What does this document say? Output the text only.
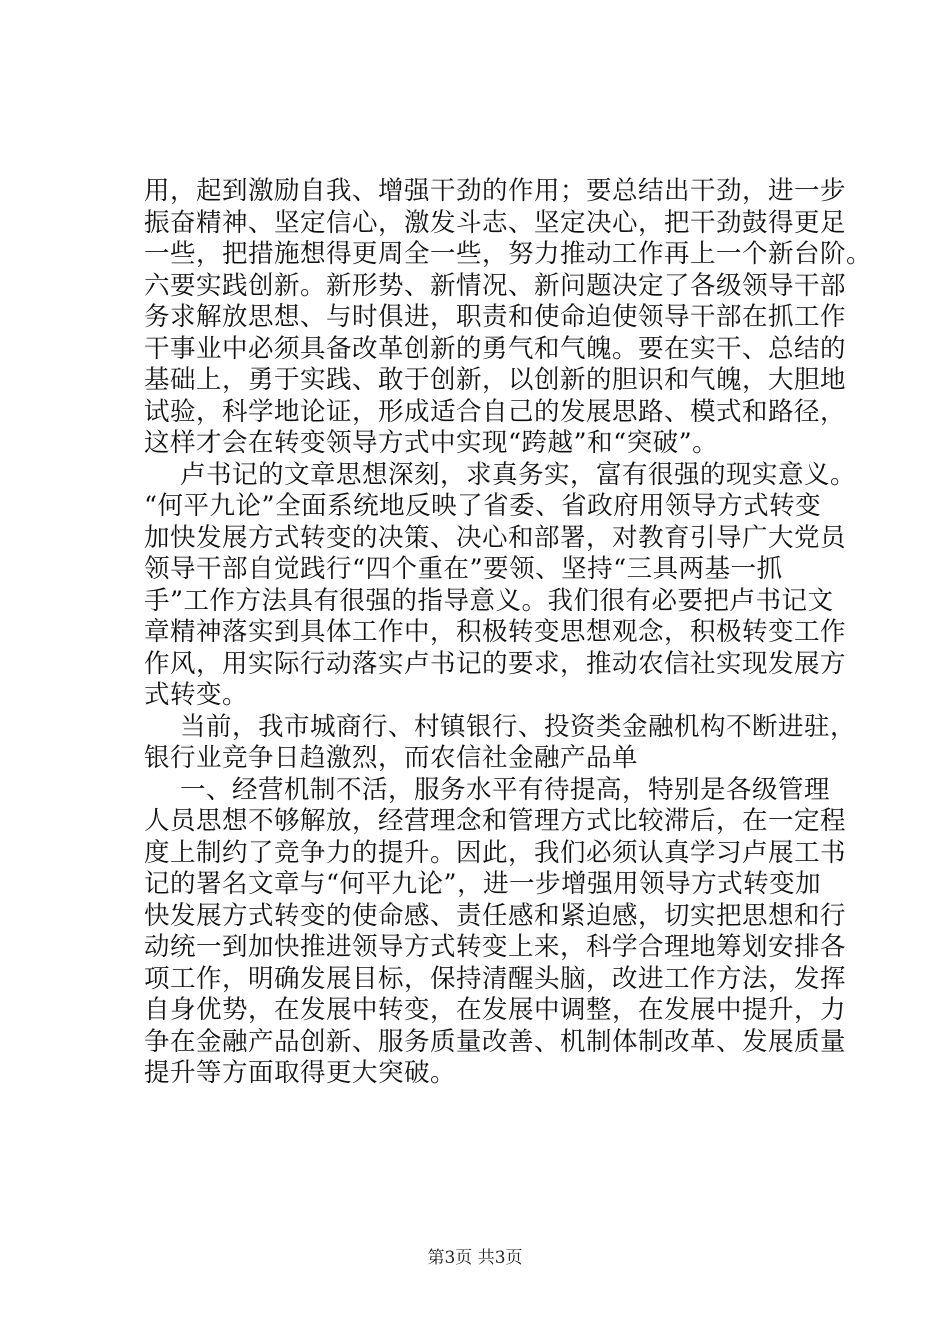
用，起到激励自我、增强干劲的作用；要总结出干劲，进一步
振奋精神、坚定信心，激发斗志、坚定决心，把干劲鼓得更足
一些，把措施想得更周全一些，努力推动工作再上一个新台阶。
六要实践创新。新形势、新情况、新问题决定了各级领导干部
务求解放思想、与时俱进，职责和使命迫使领导干部在抓工作
干事业中必须具备改革创新的勇气和气魄。要在实干、总结的
基础上，勇于实践、敢于创新，以创新的胆识和气魄，大胆地
试验，科学地论证，形成适合自己的发展思路、模式和路径，
这样才会在转变领导方式中实现“跨越”和“突破”。
卢书记的文章思想深刻，求真务实，富有很强的现实意义。
“何平九论”全面系统地反映了省委、省政府用领导方式转变
加快发展方式转变的决策、决心和部署，对教育引导广大党员
领导干部自觉践行“四个重在”要领、坚持“三具两基一抓
手”工作方法具有很强的指导意义。我们很有必要把卢书记文
章精神落实到具体工作中，积极转变思想观念，积极转变工作
作风，用实际行动落实卢书记的要求，推动农信社实现发展方
式转变。
当前，我市城商行、村镇银行、投资类金融机构不断进驻，
银行业竞争日趋激烈，而农信社金融产品单
一、经营机制不活，服务水平有待提高，特别是各级管理
人员思想不够解放，经营理念和管理方式比较滞后，在一定程
度上制约了竞争力的提升。因此，我们必须认真学习卢展工书
记的署名文章与“何平九论”，进一步增强用领导方式转变加
快发展方式转变的使命感、责任感和紧迫感，切实把思想和行
动统一到加快推进领导方式转变上来，科学合理地筹划安排各
项工作，明确发展目标，保持清醒头脑，改进工作方法，发挥
自身优势，在发展中转变，在发展中调整，在发展中提升，力
争在金融产品创新、服务质量改善、机制体制改革、发展质量
提升等方面取得更大突破。
第3页 共3页
